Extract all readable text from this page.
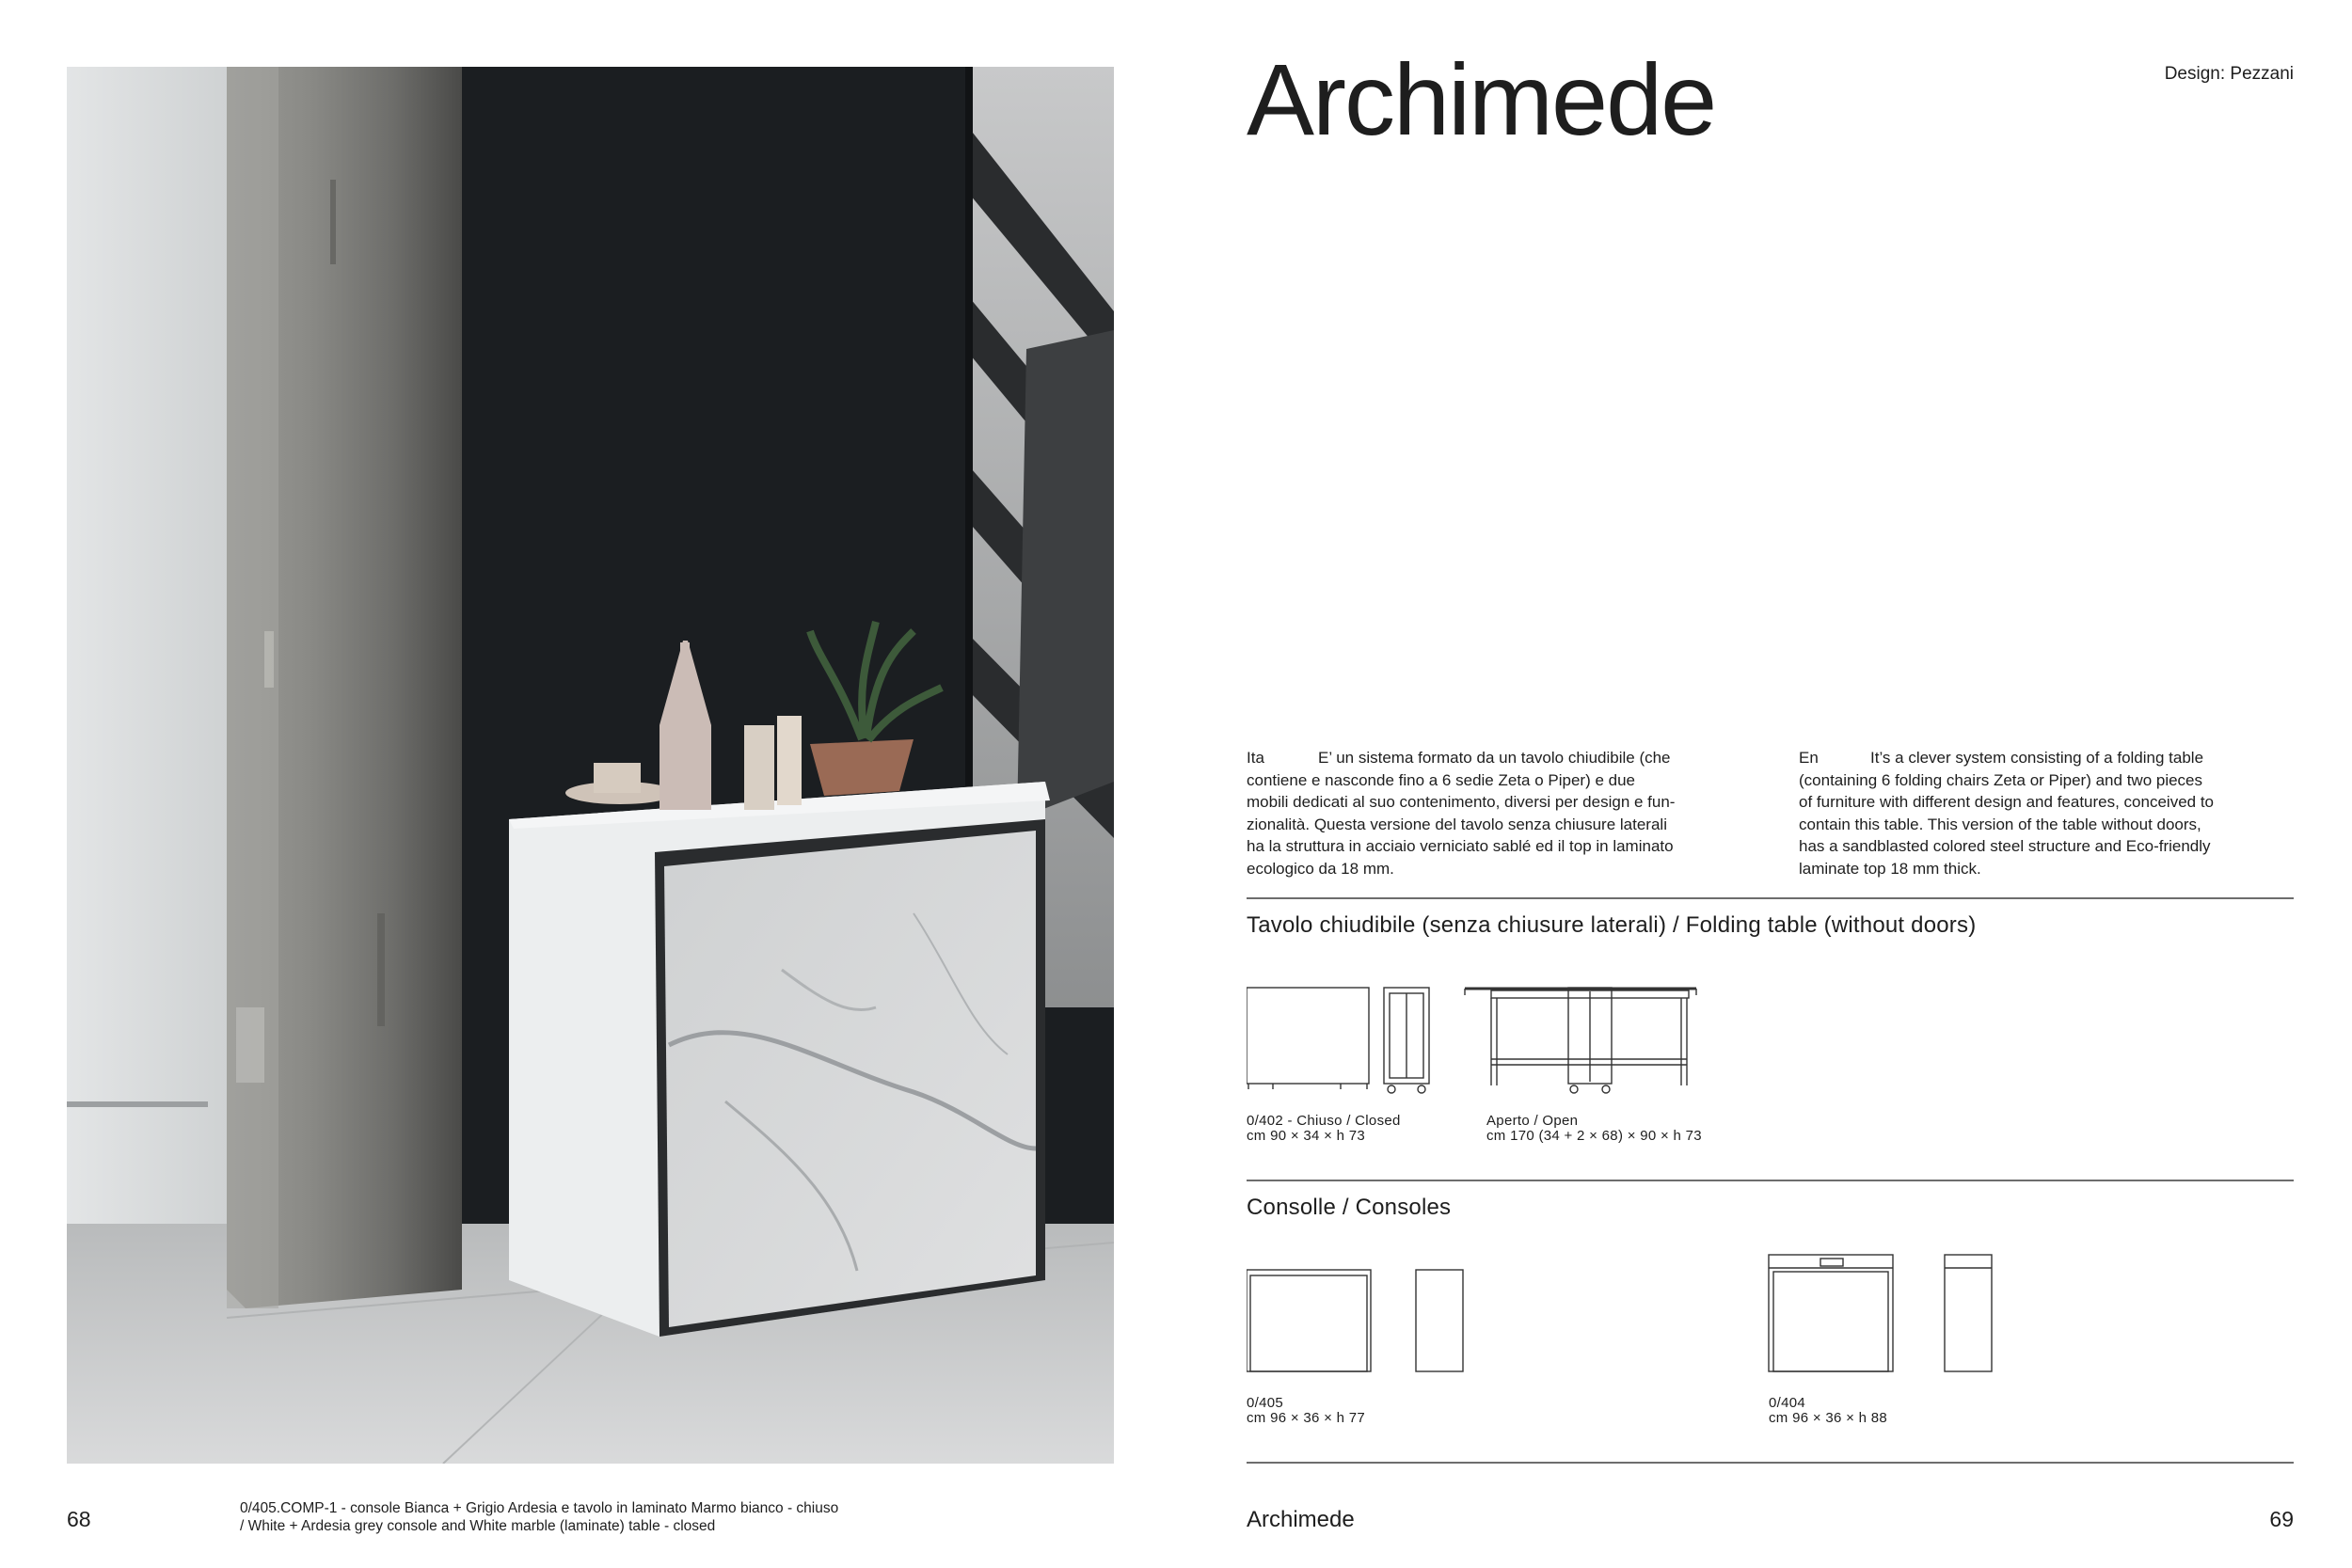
Archimede	Design: Pezzani
Ita	E’ un sistema formato da un tavolo chiudibile (che
contiene e nasconde fino a 6 sedie Zeta o Piper) e due
mobili dedicati al suo contenimento, diversi per design e fun-
zionalità. Questa versione del tavolo senza chiusure laterali
ha la struttura in acciaio verniciato sablé ed il top in laminato
ecologico da 18 mm.
En	It’s a clever system consisting of a folding table
(containing 6 folding chairs Zeta or Piper) and two pieces
of furniture with different design and features, conceived to
contain this table. This version of the table without doors,
has a sandblasted colored steel structure and Eco-friendly
laminate top 18 mm thick.
Tavolo chiudibile (senza chiusure laterali) / Folding table (without doors)
0/402 - Chiuso / Closed
cm 90 × 34 × h 73
Aperto / Open
cm 170 (34 + 2 × 68) × 90 × h 73
Consolle / Consoles
0/405
cm 96 × 36 × h 77
0/404
cm 96 × 36 × h 88
68	0/405.COMP-1 - console Bianca + Grigio Ardesia e tavolo in laminato Marmo bianco - chiuso
/ White + Ardesia grey console and White marble (laminate) table - closed	Archimede	69
